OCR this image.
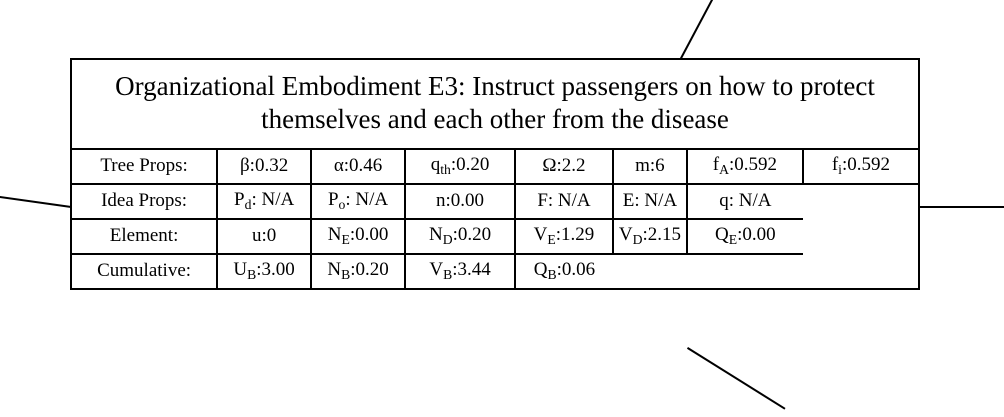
Organizational Embodiment E3: Instruct passengers on how to protect themselves and each other from the disease
Tree Props:	β:0.32	α:0.46	$q_{th}:0.20$	Ω:2.2	m:6	$f_A:0.592$	$f_i:0.592$
Idea Props:	$P_d$: N/A	$P_o$: N/A	n:0.00	F: N/A	E: N/A	q: N/A	
Element:	u:0	$N_E:0.00$	$N_D:0.20$	$V_E:1.29$	$V_D:2.15$	$Q_E:0.00$	
Cumulative:	$U_B:3.00$	$N_B:0.20$	$V_B:3.44$	$Q_B:0.06$			
